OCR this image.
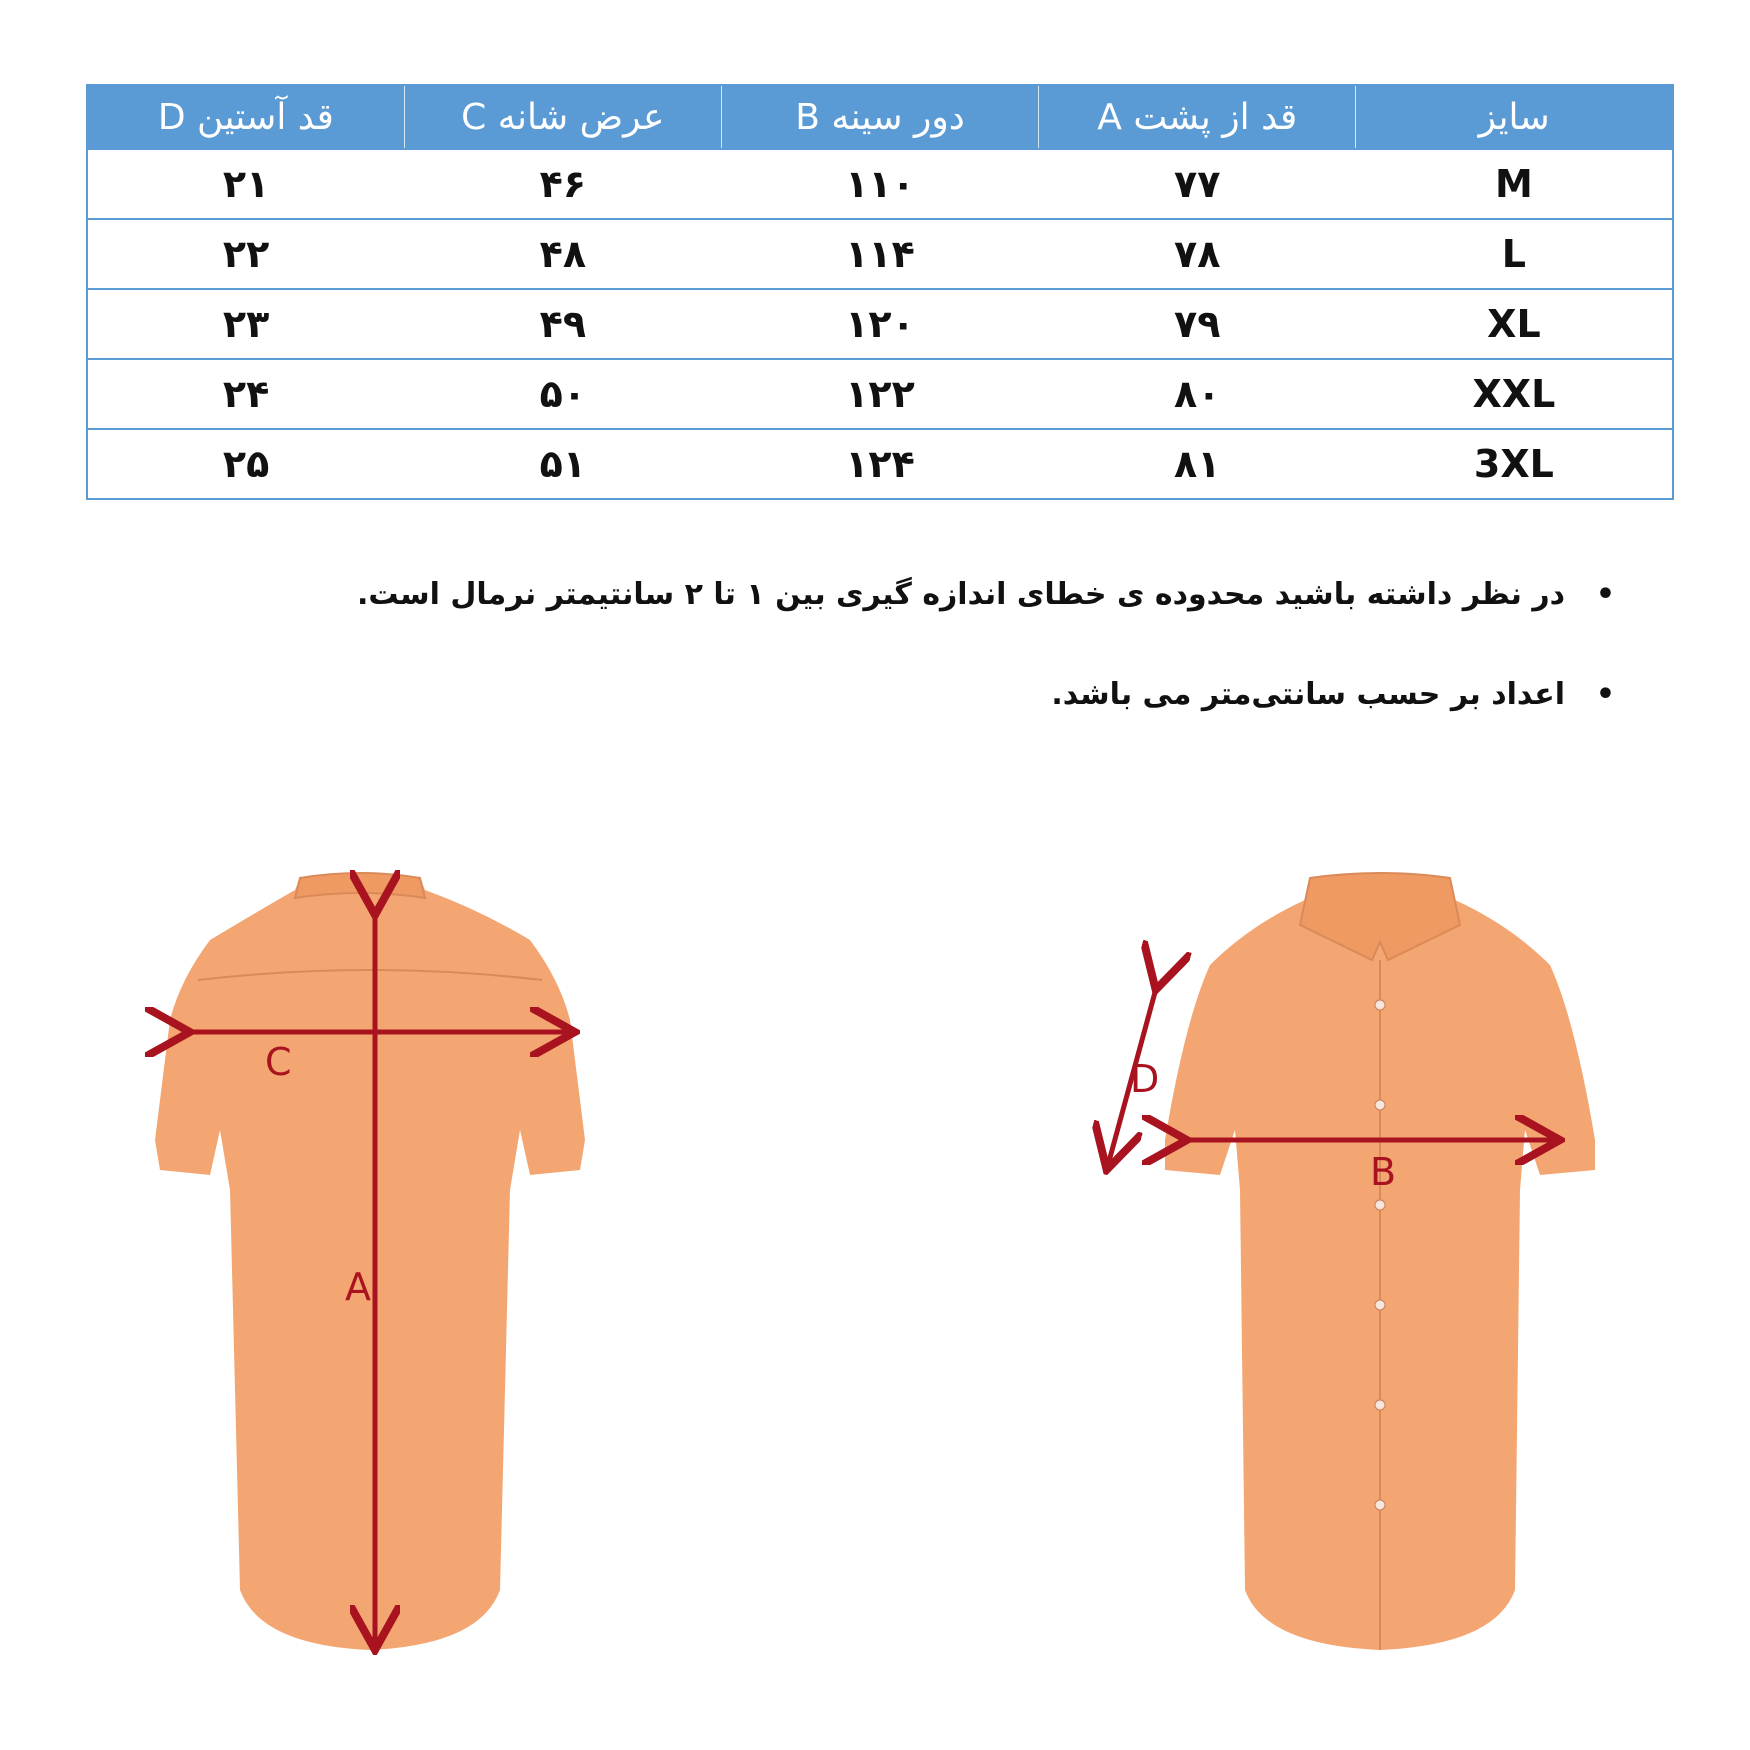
سایز	قد از پشت A	دور سینه B	عرض شانه C	قد آستین D
M	۷۷	۱۱۰	۴۶	۲۱
L	۷۸	۱۱۴	۴۸	۲۲
XL	۷۹	۱۲۰	۴۹	۲۳
XXL	۸۰	۱۲۲	۵۰	۲۴
3XL	۸۱	۱۲۴	۵۱	۲۵
•
در نظر داشته باشید محدوده ی خطای اندازه گیری بین ۱ تا ۲ سانتیمتر نرمال است.
•
اعداد بر حسب سانتی‌متر می باشد.
C
A
B
D
